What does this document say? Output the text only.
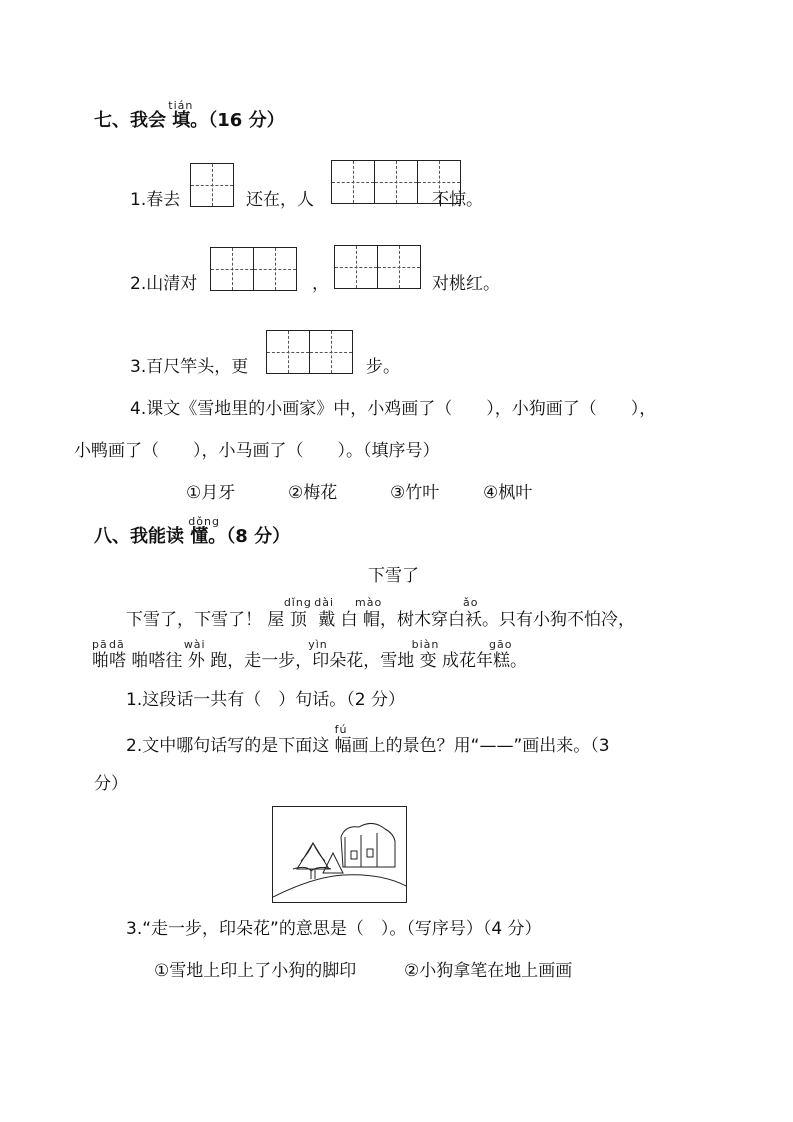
七、我会
tián
填。（16 分）
1.春去	还在，人	不惊。
2.山清对	，	对桃红。
3.百尺竿头，更	步。
4.课文《雪地里的小画家》中，小鸡画了（　　），小狗画了（　　），
小鸭画了（　　），小马画了（　　）。（填序号）
①月牙	②梅花	③竹叶	④枫叶
八、我能读
dǒng
懂。（8 分）
下雪了
下雪了，下雪了！ 屋
dǐng
顶
dài
戴 白
mào
帽，树木穿白
ǎo
袄。只有小狗不怕冷，
pā
啪
dā
嗒 啪嗒往
wài
外 跑，走一步，
yìn
印朵花，雪地
biàn
变 成花年
gāo
糕。
1.这段话一共有（　）句话。（2 分）
2.文中哪句话写的是下面这
fú
幅画上的景色？用“——”画出来。（3
分）
3.“走一步，印朵花”的意思是（　）。（写序号）（4 分）
①雪地上印上了小狗的脚印	②小狗拿笔在地上画画
